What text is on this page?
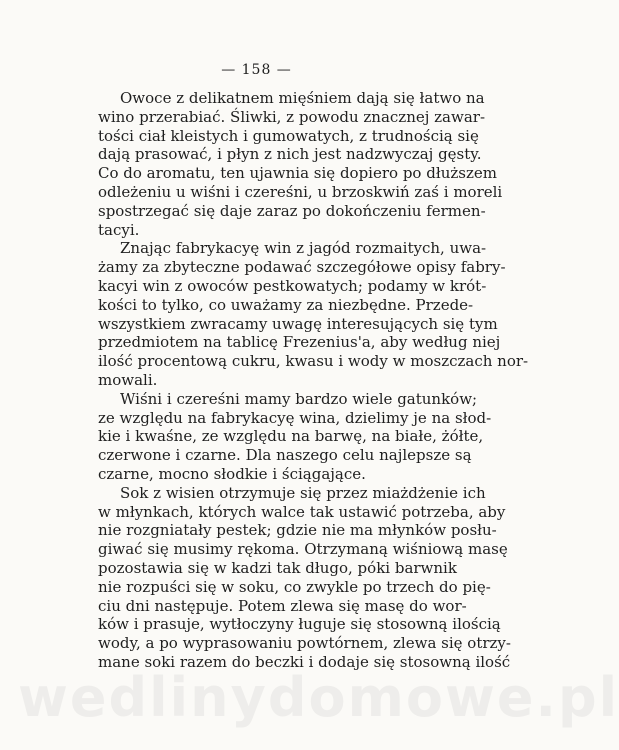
— 158 —
Owoce z delikatnem mięśniem dają się łatwo na
wino przerabiać. Śliwki, z powodu znacznej zawar-
tości ciał kleistych i gumowatych, z trudnością się
dają prasować, i płyn z nich jest nadzwyczaj gęsty.
Co do aromatu, ten ujawnia się dopiero po dłuższem
odleżeniu u wiśni i czereśni, u brzoskwiń zaś i moreli
spostrzegać się daje zaraz po dokończeniu fermen-
tacyi.
Znając fabrykacyę win z jagód rozmaitych, uwa-
żamy za zbyteczne podawać szczegółowe opisy fabry-
kacyi win z owoców pestkowatych; podamy w krót-
kości to tylko, co uważamy za niezbędne. Przede-
wszystkiem zwracamy uwagę interesujących się tym
przedmiotem na tablicę Frezenius'a, aby według niej
ilość procentową cukru, kwasu i wody w moszczach nor-
mowali.
Wiśni i czereśni mamy bardzo wiele gatunków;
ze względu na fabrykacyę wina, dzielimy je na słod-
kie i kwaśne, ze względu na barwę, na białe, żółte,
czerwone i czarne. Dla naszego celu najlepsze są
czarne, mocno słodkie i ściągające.
Sok z wisien otrzymuje się przez miażdżenie ich
w młynkach, których walce tak ustawić potrzeba, aby
nie rozgniatały pestek; gdzie nie ma młynków posłu-
giwać się musimy rękoma. Otrzymaną wiśniową masę
pozostawia się w kadzi tak długo, póki barwnik
nie rozpuści się w soku, co zwykle po trzech do pię-
ciu dni następuje. Potem zlewa się masę do wor-
ków i prasuje, wytłoczyny ługuje się stosowną ilością
wody, a po wyprasowaniu powtórnem, zlewa się otrzy-
mane soki razem do beczki i dodaje się stosowną ilość
wedlinydomowe.pl
